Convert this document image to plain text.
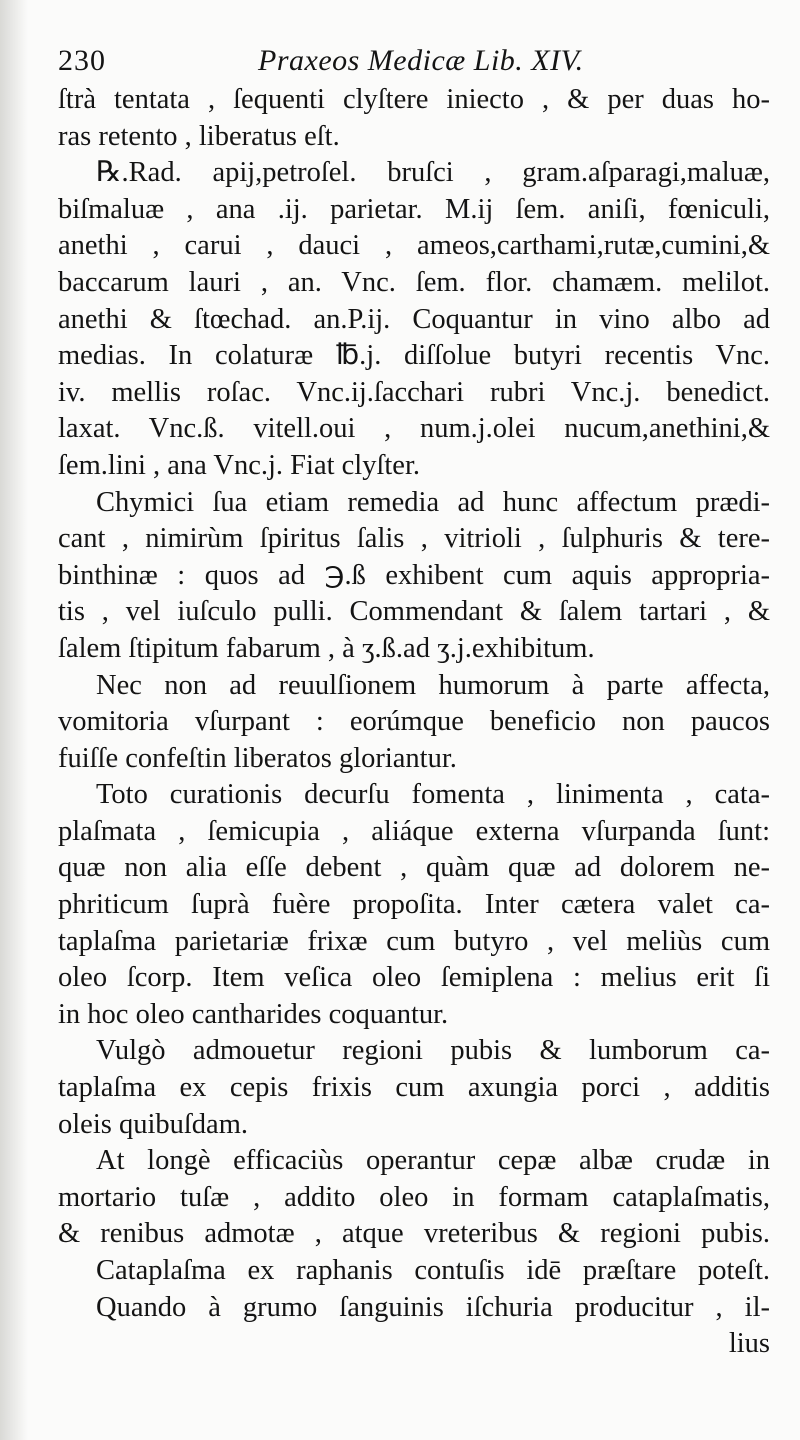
230	Praxeos Medicæ Lib. XIV.
ſtrà tentata , ſequenti clyſtere iniecto , & per duas ho-
ras retento , liberatus eſt.
℞.Rad. apij,petroſel. bruſci , gram.aſparagi,maluæ,
biſmaluæ , ana .ij. parietar. M.ij ſem. aniſi, fœniculi,
anethi , carui , dauci , ameos,carthami,rutæ,cumini,&
baccarum lauri , an. Vnc. ſem. flor. chamæm. melilot.
anethi & ſtœchad. an.P.ij. Coquantur in vino albo ad
medias. In colaturæ ℔.j. diſſolue butyri recentis Vnc.
iv. mellis roſac. Vnc.ij.ſacchari rubri Vnc.j. benedict.
laxat. Vnc.ß. vitell.oui , num.j.olei nucum,anethini,&
ſem.lini , ana Vnc.j. Fiat clyſter.
Chymici ſua etiam remedia ad hunc affectum prædi-
cant , nimirùm ſpiritus ſalis , vitrioli , ſulphuris & tere-
binthinæ : quos ad ℈.ß exhibent cum aquis appropria-
tis , vel iuſculo pulli. Commendant & ſalem tartari , &
ſalem ſtipitum fabarum , à ʒ.ß.ad ʒ.j.exhibitum.
Nec non ad reuulſionem humorum à parte affecta,
vomitoria vſurpant : eorúmque beneficio non paucos
fuiſſe confeſtin liberatos gloriantur.
Toto curationis decurſu fomenta , linimenta , cata-
plaſmata , ſemicupia , aliáque externa vſurpanda ſunt:
quæ non alia eſſe debent , quàm quæ ad dolorem ne-
phriticum ſuprà fuère propoſita. Inter cætera valet ca-
taplaſma parietariæ frixæ cum butyro , vel meliùs cum
oleo ſcorp. Item veſica oleo ſemiplena : melius erit ſi
in hoc oleo cantharides coquantur.
Vulgò admouetur regioni pubis & lumborum ca-
taplaſma ex cepis frixis cum axungia porci , additis
oleis quibuſdam.
At longè efficaciùs operantur cepæ albæ crudæ in
mortario tuſæ , addito oleo in formam cataplaſmatis,
& renibus admotæ , atque vreteribus & regioni pubis.
Cataplaſma ex raphanis contuſis idē præſtare poteſt.
Quando à grumo ſanguinis iſchuria producitur , il-
lius
